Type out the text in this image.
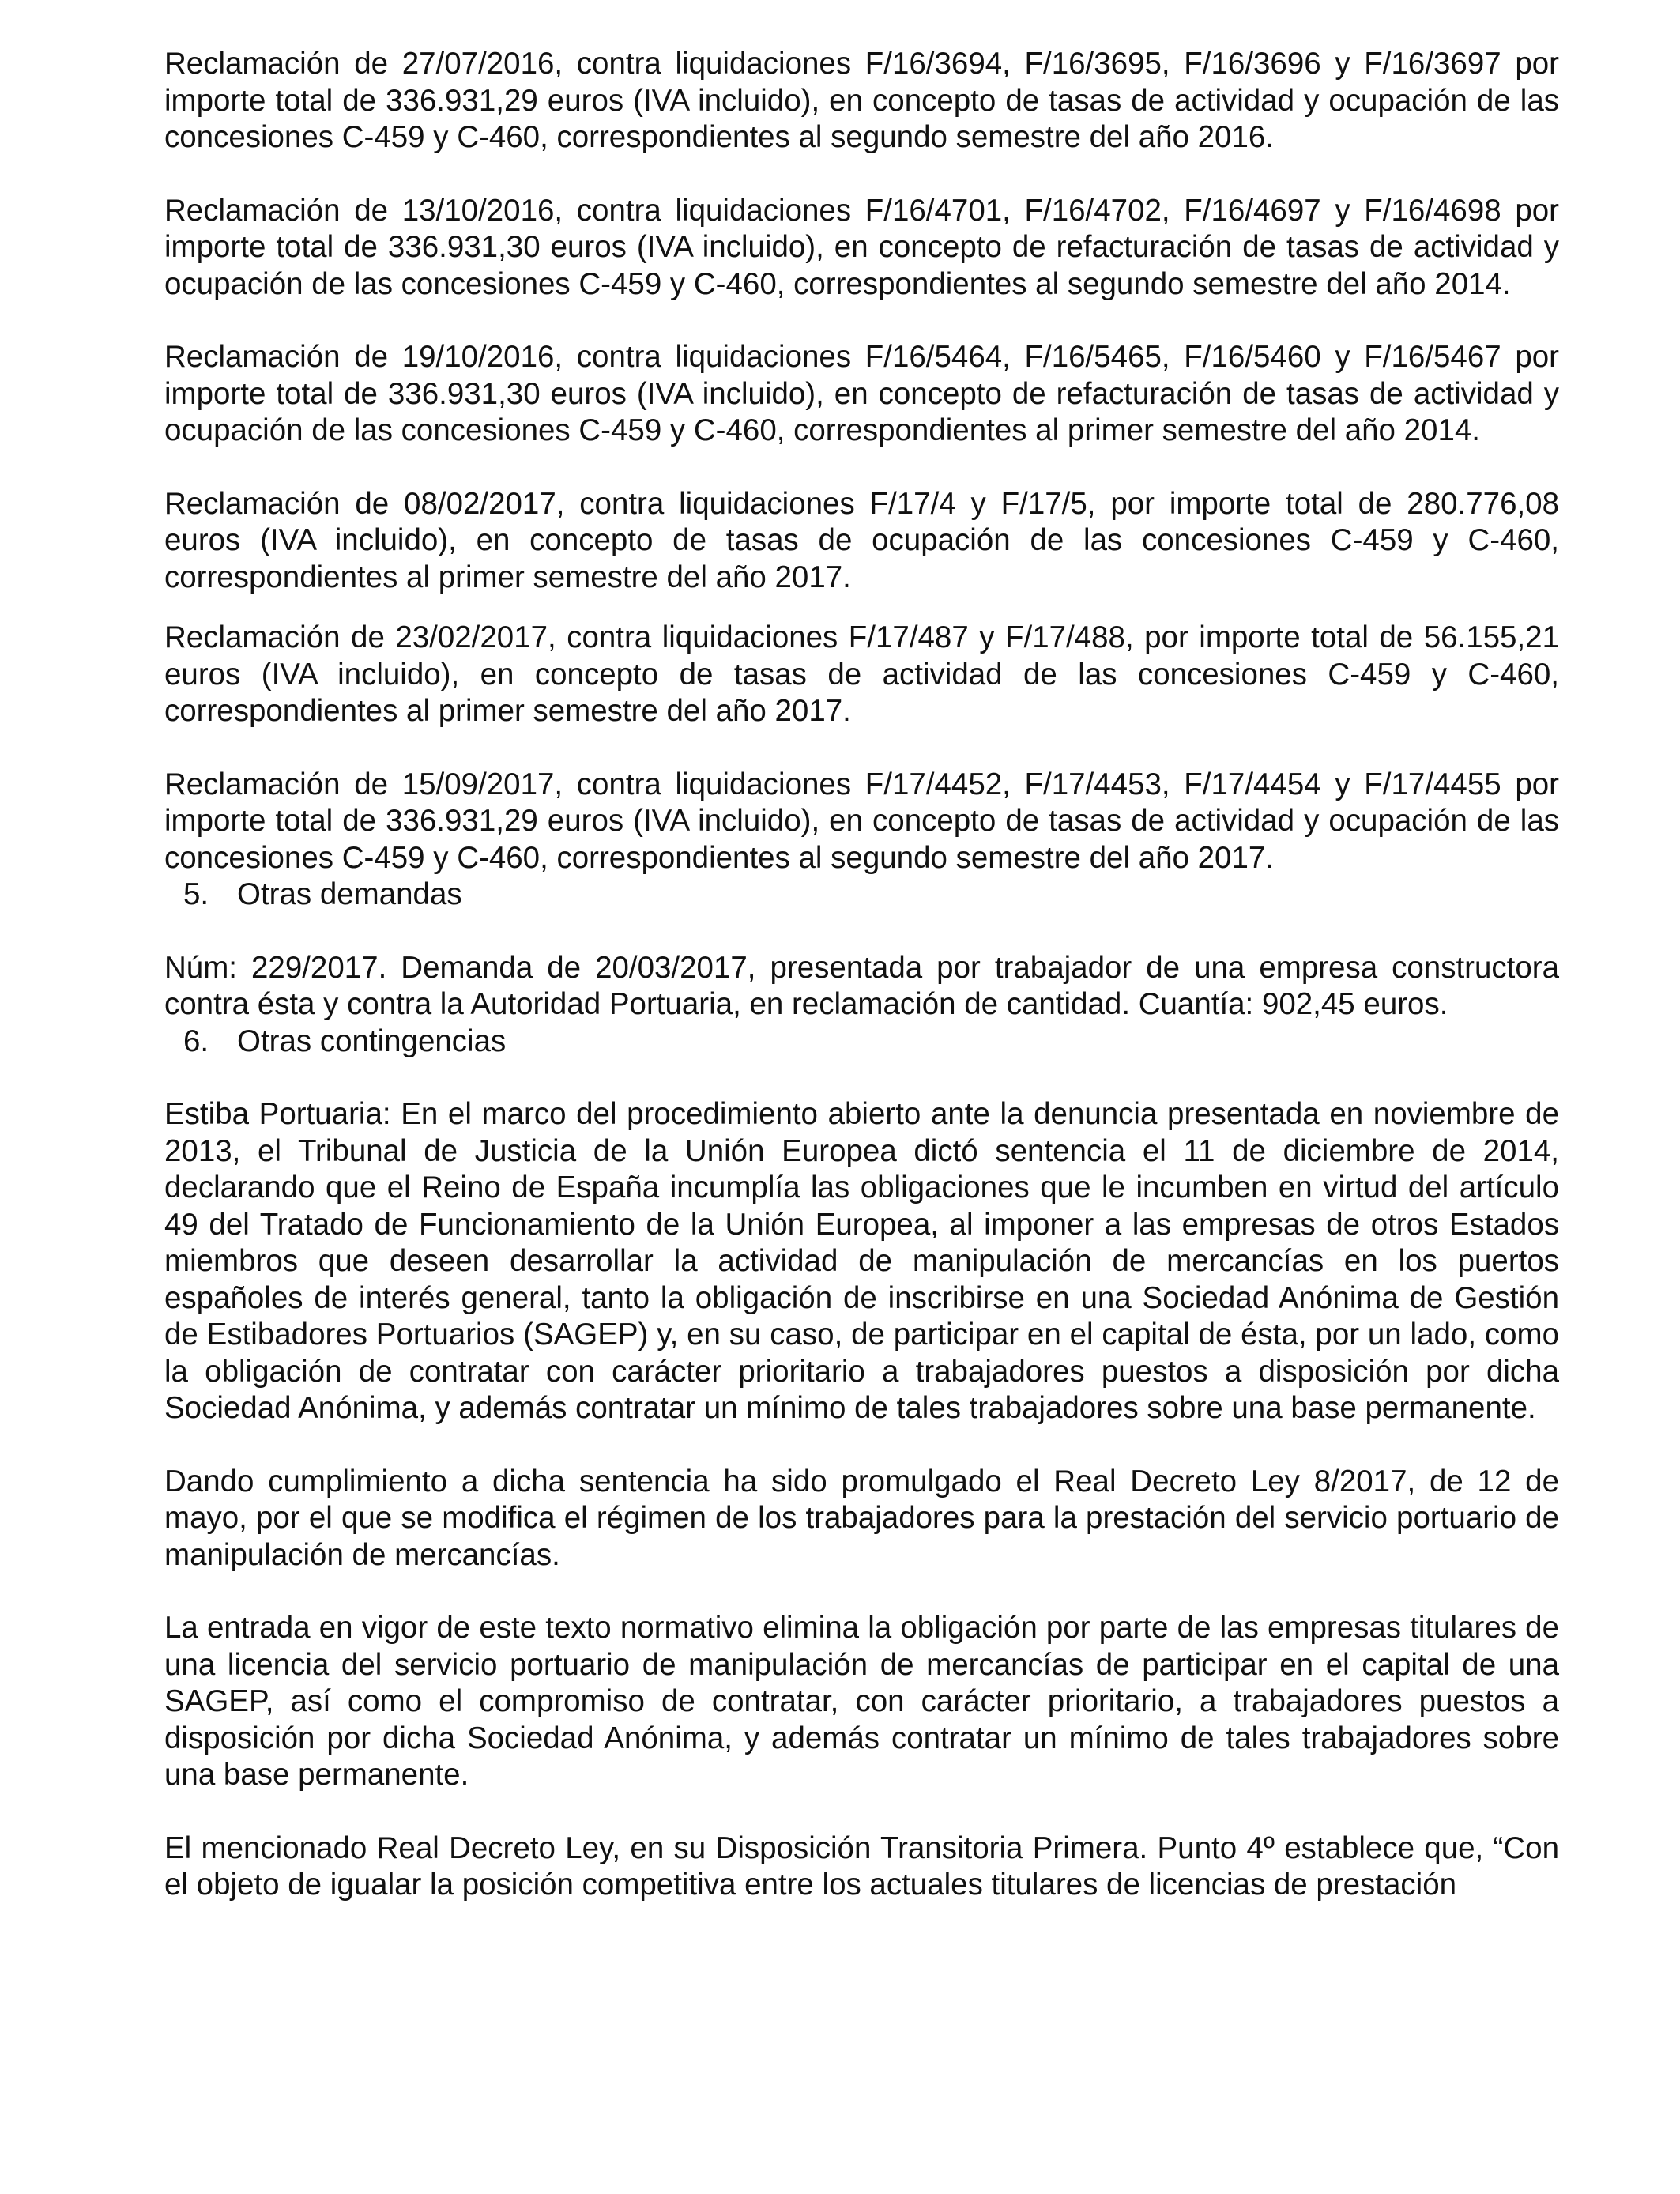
Reclamación de 27/07/2016, contra liquidaciones F/16/3694, F/16/3695, F/16/3696 y F/16/3697 por importe total de 336.931,29 euros (IVA incluido), en concepto de tasas de actividad y ocupación de las concesiones C-459 y C-460, correspondientes al segundo semestre del año 2016.

Reclamación de 13/10/2016, contra liquidaciones F/16/4701, F/16/4702, F/16/4697 y F/16/4698 por importe total de 336.931,30 euros (IVA incluido), en concepto de refacturación de tasas de actividad y ocupación de las concesiones C-459 y C-460, correspondientes al segundo semestre del año 2014.

Reclamación de 19/10/2016, contra liquidaciones F/16/5464, F/16/5465, F/16/5460 y F/16/5467 por importe total de 336.931,30 euros (IVA incluido), en concepto de refacturación de tasas de actividad y ocupación de las concesiones C-459 y C-460, correspondientes al primer semestre del año 2014.

Reclamación de 08/02/2017, contra liquidaciones F/17/4 y F/17/5, por importe total de 280.776,08 euros (IVA incluido), en concepto de tasas de ocupación de las concesiones C-459 y C-460, correspondientes al primer semestre del año 2017.

Reclamación de 23/02/2017, contra liquidaciones F/17/487 y F/17/488, por importe total de 56.155,21 euros (IVA incluido), en concepto de tasas de actividad de las concesiones C-459 y C-460, correspondientes al primer semestre del año 2017.

Reclamación de 15/09/2017, contra liquidaciones F/17/4452, F/17/4453, F/17/4454 y F/17/4455 por importe total de 336.931,29 euros (IVA incluido), en concepto de tasas de actividad y ocupación de las concesiones C-459 y C-460, correspondientes al segundo semestre del año 2017.

5. Otras demandas

Núm: 229/2017. Demanda de 20/03/2017, presentada por trabajador de una empresa constructora contra ésta y contra la Autoridad Portuaria, en reclamación de cantidad. Cuantía: 902,45 euros.

6. Otras contingencias

Estiba Portuaria: En el marco del procedimiento abierto ante la denuncia presentada en noviembre de 2013, el Tribunal de Justicia de la Unión Europea dictó sentencia el 11 de diciembre de 2014, declarando que el Reino de España incumplía las obligaciones que le incumben en virtud del artículo 49 del Tratado de Funcionamiento de la Unión Europea, al imponer a las empresas de otros Estados miembros que deseen desarrollar la actividad de manipulación de mercancías en los puertos españoles de interés general, tanto la obligación de inscribirse en una Sociedad Anónima de Gestión de Estibadores Portuarios (SAGEP) y, en su caso, de participar en el capital de ésta, por un lado, como la obligación de contratar con carácter prioritario a trabajadores puestos a disposición por dicha Sociedad Anónima, y además contratar un mínimo de tales trabajadores sobre una base permanente.

Dando cumplimiento a dicha sentencia ha sido promulgado el Real Decreto Ley 8/2017, de 12 de mayo, por el que se modifica el régimen de los trabajadores para la prestación del servicio portuario de manipulación de mercancías.

La entrada en vigor de este texto normativo elimina la obligación por parte de las empresas titulares de una licencia del servicio portuario de manipulación de mercancías de participar en el capital de una SAGEP, así como el compromiso de contratar, con carácter prioritario, a trabajadores puestos a disposición por dicha Sociedad Anónima, y además contratar un mínimo de tales trabajadores sobre una base permanente.

El mencionado Real Decreto Ley, en su Disposición Transitoria Primera. Punto 4º establece que, “Con el objeto de igualar la posición competitiva entre los actuales titulares de licencias de prestación
